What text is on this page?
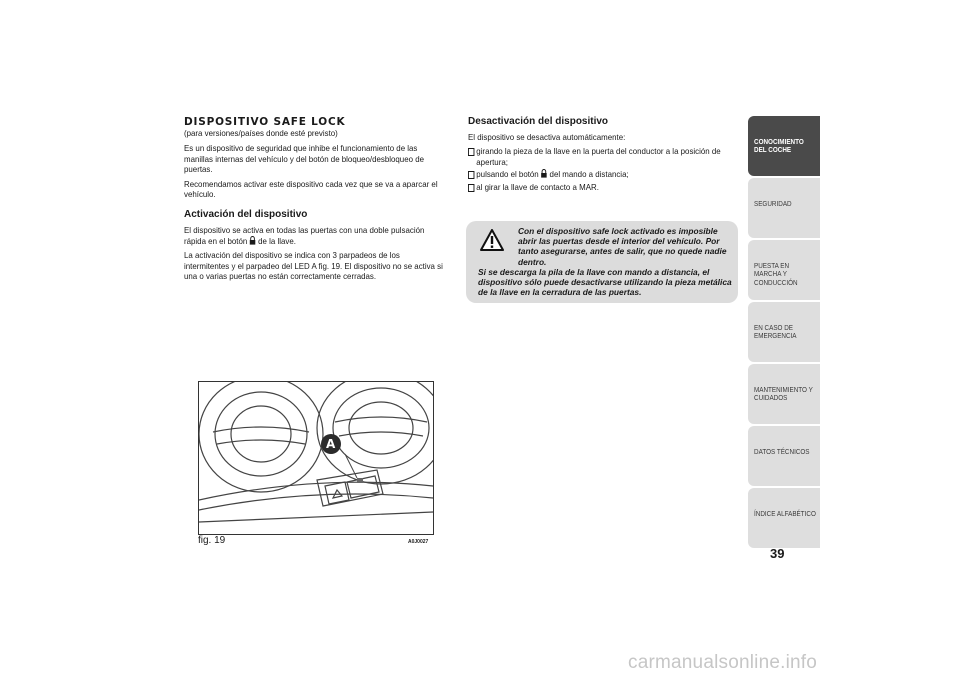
DISPOSITIVO SAFE LOCK

(para versiones/países donde esté previsto)

Es un dispositivo de seguridad que inhibe el funcionamiento de las manillas internas del vehículo y del botón de bloqueo/desbloqueo de puertas.

Recomendamos activar este dispositivo cada vez que se va a aparcar el vehículo.

Activación del dispositivo

El dispositivo se activa en todas las puertas con una doble pulsación rápida en el botón de la llave.

La activación del dispositivo se indica con 3 parpadeos de los intermitentes y el parpadeo del LED A fig. 19. El dispositivo no se activa si una o varias puertas no están correctamente cerradas.

Desactivación del dispositivo

El dispositivo se desactiva automáticamente:

girando la pieza de la llave en la puerta del conductor a la posición de apertura;
pulsando el botón del mando a distancia;
al girar la llave de contacto a MAR.
Con el dispositivo safe lock activado es imposible abrir las puertas desde el interior del vehículo. Por tanto asegurarse, antes de salir, que no quede nadie dentro.
Si se descarga la pila de la llave con mando a distancia, el dispositivo sólo puede desactivarse utilizando la pieza metálica de la llave en la cerradura de las puertas.
A
fig. 19	A0J0027
CONOCIMIENTO DEL COCHE
SEGURIDAD
PUESTA EN MARCHA Y CONDUCCIÓN
EN CASO DE EMERGENCIA
MANTENIMIENTO Y CUIDADOS
DATOS TÉCNICOS
ÍNDICE ALFABÉTICO
39
carmanualsonline.info
